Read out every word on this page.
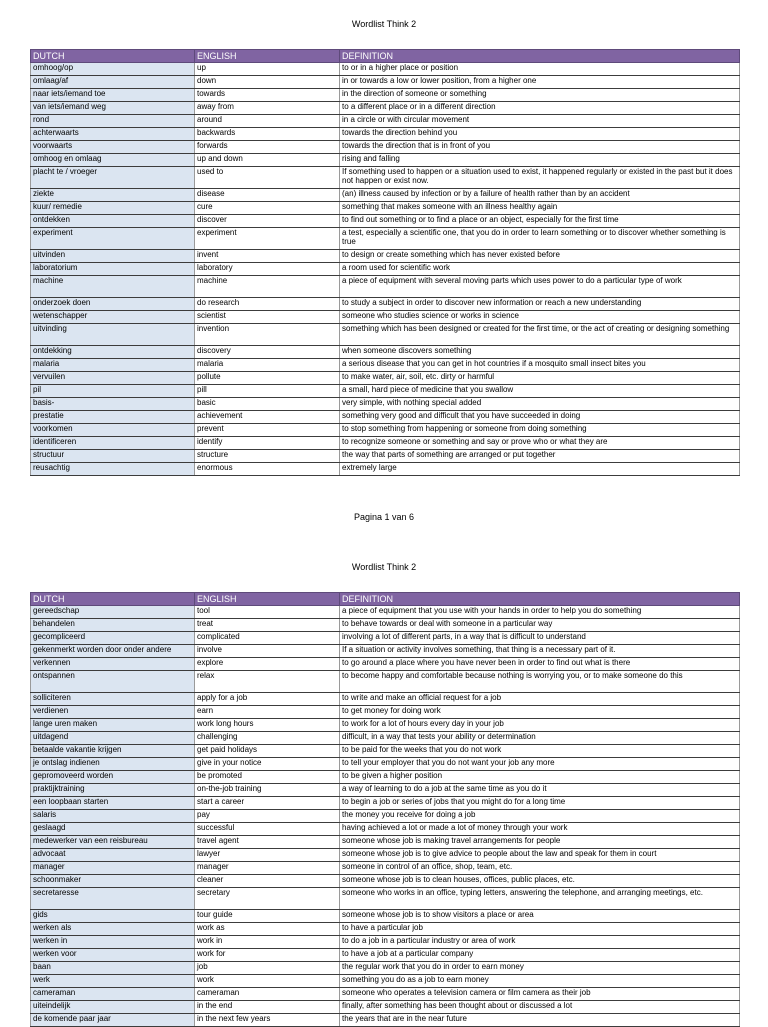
Wordlist Think 2
DUTCH	ENGLISH	DEFINITION
omhoog/op	up	to or in a higher place or position
omlaag/af	down	in or towards a low or lower position, from a higher one
naar iets/iemand toe	towards	in the direction of someone or something
van iets/iemand weg	away from	to a different place or in a different direction
rond	around	in a circle or with circular movement
achterwaarts	backwards	towards the direction behind you
voorwaarts	forwards	towards the direction that is in front of you
omhoog en omlaag	up and down	rising and falling
placht te / vroeger	used to	If something used to happen or a situation used to exist, it happened regularly or existed in the past but it does not happen or exist now.
ziekte	disease	(an) illness caused by infection or by a failure of health rather than by an accident
kuur/ remedie	cure	something that makes someone with an illness healthy again
ontdekken	discover	to find out something or to find a place or an object, especially for the first time
experiment	experiment	a test, especially a scientific one, that you do in order to learn something or to discover whether something is true
uitvinden	invent	to design or create something which has never existed before
laboratorium	laboratory	a room used for scientific work
machine	machine	a piece of equipment with several moving parts which uses power to do a particular type of work
onderzoek doen	do research	to study a subject in order to discover new information or reach a new understanding
wetenschapper	scientist	someone who studies science or works in science
uitvinding	invention	something which has been designed or created for the first time, or the act of creating or designing something
ontdekking	discovery	when someone discovers something
malaria	malaria	a serious disease that you can get in hot countries if a mosquito small insect bites you
vervuilen	pollute	to make water, air, soil, etc. dirty or harmful
pil	pill	a small, hard piece of medicine that you swallow
basis-	basic	very simple, with nothing special added
prestatie	achievement	something very good and difficult that you have succeeded in doing
voorkomen	prevent	to stop something from happening or someone from doing something
identificeren	identify	to recognize someone or something and say or prove who or what they are
structuur	structure	the way that parts of something are arranged or put together
reusachtig	enormous	extremely large
Pagina 1 van 6
Wordlist Think 2
DUTCH	ENGLISH	DEFINITION
gereedschap	tool	a piece of equipment that you use with your hands in order to help you do something
behandelen	treat	to behave towards or deal with someone in a particular way
gecompliceerd	complicated	involving a lot of different parts, in a way that is difficult to understand
gekenmerkt worden door onder andere	involve	If a situation or activity involves something, that thing is a necessary part of it.
verkennen	explore	to go around a place where you have never been in order to find out what is there
ontspannen	relax	to become happy and comfortable because nothing is worrying you, or to make someone do this
solliciteren	apply for a job	to write and make an official request for a job
verdienen	earn	to get money for doing work
lange uren maken	work long hours	to work for a lot of hours every day in your job
uitdagend	challenging	difficult, in a way that tests your ability or determination
betaalde vakantie krijgen	get paid holidays	to be paid for the weeks that you do not work
je ontslag indienen	give in your notice	to tell your employer that you do not want your job any more
gepromoveerd worden	be promoted	to be given a higher position
praktijktraining	on-the-job training	a way of learning to do a job at the same time as you do it
een loopbaan starten	start a career	to begin a job or series of jobs that you might do for a long time
salaris	pay	the money you receive for doing a job
geslaagd	successful	having achieved a lot or made a lot of money through your work
medewerker van een reisbureau	travel agent	someone whose job is making travel arrangements for people
advocaat	lawyer	someone whose job is to give advice to people about the law and speak for them in court
manager	manager	someone in control of an office, shop, team, etc.
schoonmaker	cleaner	someone whose job is to clean houses, offices, public places, etc.
secretaresse	secretary	someone who works in an office, typing letters, answering the telephone, and arranging meetings, etc.
gids	tour guide	someone whose job is to show visitors a place or area
werken als	work as	to have a particular job
werken in	work in	to do a job in a particular industry or area of work
werken voor	work for	to have a job at a particular company
baan	job	the regular work that you do in order to earn money
werk	work	something you do as a job to earn money
cameraman	cameraman	someone who operates a television camera or film camera as their job
uiteindelijk	in the end	finally, after something has been thought about or discussed a lot
de komende paar jaar	in the next few years	the years that are in the near future
